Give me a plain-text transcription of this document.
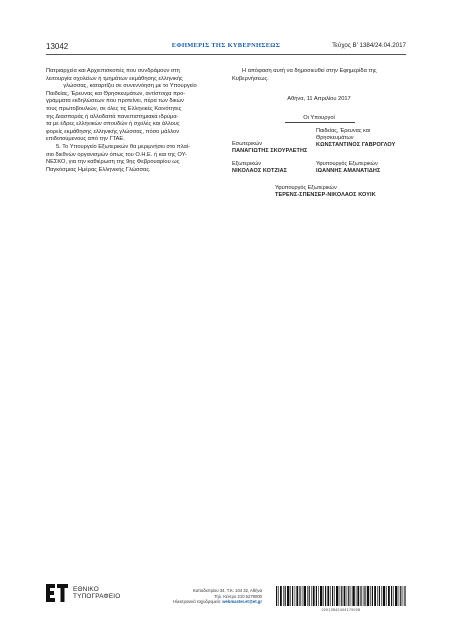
13042	ΕΦΗΜΕΡΙΣ ΤΗΣ ΚΥΒΕΡΝΗΣΕΩΣ	Τεύχος Β’ 1384/24.04.2017
Πατριαρχεία και Αρχιεπισκοπές που συνδράμουν στη
λειτουργία σχολείων ή τμημάτων εκμάθησης ελληνικής
γλώσσας, καταρτίζει σε συνεννόηση με το Υπουργείο
Παιδείας, Έρευνας και Θρησκευμάτων, αντίστοιχα προ-
γράμματα εκδηλώσεων που προτείνει, πέρα των δικών
τους πρωτοβουλιών, σε όλες τις Ελληνικές Κοινότητες
της Διασποράς ή αλλοδαπά πανεπιστημιακά ιδρύμα-
τα με έδρες ελληνικών σπουδών ή σχολές και άλλους
φορείς εκμάθησης ελληνικής γλώσσας, πόσο μάλλον
επιδοτούμενους από την ΓΤΑΕ.
5. Το Υπουργείο Εξωτερικών θα μεριμνήσει στο πλαί-
σιο διεθνών οργανισμών όπως του Ο.Η.Ε. ή και της ΟΥ-
ΝΕΣΚΟ, για την καθιέρωση της 9ης Φεβρουαρίου ως
Παγκόσμιας Ημέρας Ελληνικής Γλώσσας.
Η απόφαση αυτή να δημοσιευθεί στην Εφημερίδα της
Κυβερνήσεως.
Αθήνα, 11 Απριλίου 2017
Οι Υπουργοί
Εσωτερικών
ΠΑΝΑΓΙΩΤΗΣ ΣΚΟΥΡΛΕΤΗΣ
Παιδείας, Έρευνας και Θρησκευμάτων
ΚΩΝΣΤΑΝΤΙΝΟΣ ΓΑΒΡΟΓΛΟΥ
Εξωτερικών
ΝΙΚΟΛΑΟΣ ΚΟΤΖΙΑΣ
Υφυπουργός Εξωτερικών
ΙΩΑΝΝΗΣ ΑΜΑΝΑΤΙΔΗΣ
Υφυπουργός Εξωτερικών
ΤΕΡΕΝΣ-ΣΠΕΝΣΕΡ-ΝΙΚΟΛΑΟΣ ΚΟΥΙΚ
ΕΘΝΙΚΟ
ΤΥΠΟΓΡΑΦΕΙΟ
Καποδιστρίου 34, Τ.Κ. 104 32, Αθήνα
Τηλ. Κέντρο 210 5279000
Ηλεκτρονικό ταχυδρομείο: webmaster.et@et.gr
02013842404170008
